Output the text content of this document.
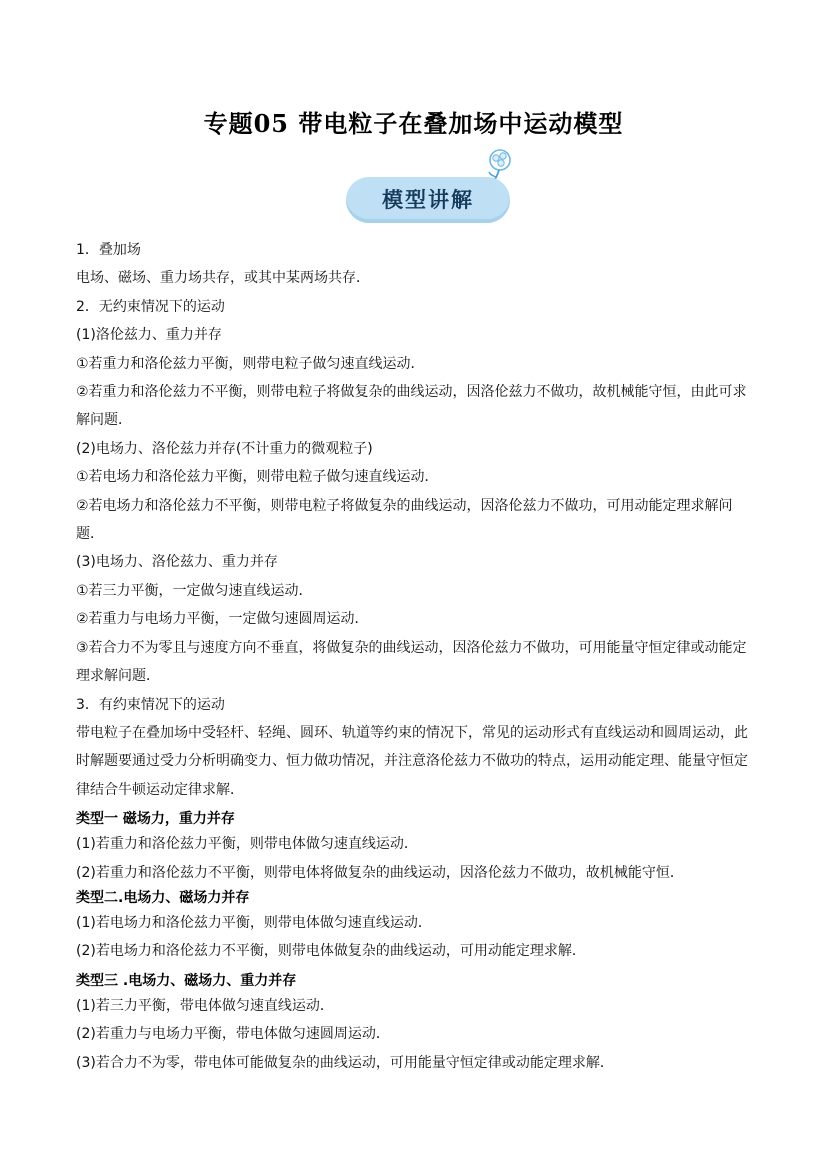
专题05 带电粒子在叠加场中运动模型
模型讲解

1．叠加场

电场、磁场、重力场共存，或其中某两场共存．

2．无约束情况下的运动

(1)洛伦兹力、重力并存

①若重力和洛伦兹力平衡，则带电粒子做匀速直线运动．

②若重力和洛伦兹力不平衡，则带电粒子将做复杂的曲线运动，因洛伦兹力不做功，故机械能守恒，由此可求解问题．

(2)电场力、洛伦兹力并存(不计重力的微观粒子)

①若电场力和洛伦兹力平衡，则带电粒子做匀速直线运动．

②若电场力和洛伦兹力不平衡，则带电粒子将做复杂的曲线运动，因洛伦兹力不做功，可用动能定理求解问题．

(3)电场力、洛伦兹力、重力并存

①若三力平衡，一定做匀速直线运动．

②若重力与电场力平衡，一定做匀速圆周运动．

③若合力不为零且与速度方向不垂直，将做复杂的曲线运动，因洛伦兹力不做功，可用能量守恒定律或动能定理求解问题．

3．有约束情况下的运动

带电粒子在叠加场中受轻杆、轻绳、圆环、轨道等约束的情况下，常见的运动形式有直线运动和圆周运动，此时解题要通过受力分析明确变力、恒力做功情况，并注意洛伦兹力不做功的特点，运用动能定理、能量守恒定律结合牛顿运动定律求解．

类型一 磁场力，重力并存

(1)若重力和洛伦兹力平衡，则带电体做匀速直线运动．

(2)若重力和洛伦兹力不平衡，则带电体将做复杂的曲线运动，因洛伦兹力不做功，故机械能守恒．

类型二.电场力、磁场力并存

(1)若电场力和洛伦兹力平衡，则带电体做匀速直线运动．

(2)若电场力和洛伦兹力不平衡，则带电体做复杂的曲线运动，可用动能定理求解．

类型三 .电场力、磁场力、重力并存

(1)若三力平衡，带电体做匀速直线运动．

(2)若重力与电场力平衡，带电体做匀速圆周运动．

(3)若合力不为零，带电体可能做复杂的曲线运动，可用能量守恒定律或动能定理求解．
